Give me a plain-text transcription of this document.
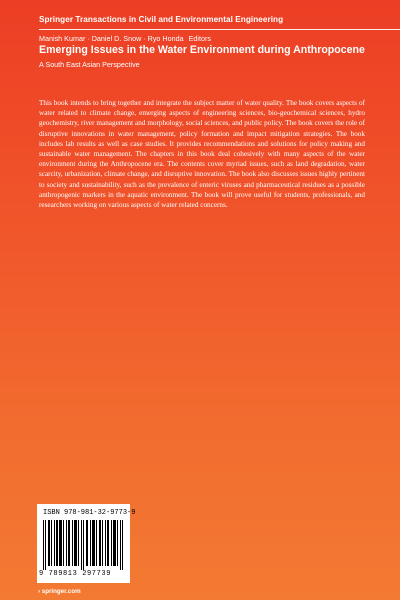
Springer Transactions in Civil and Environmental Engineering
Manish Kumar · Daniel D. Snow · Ryo Honda Editors
Emerging Issues in the Water Environment during Anthropocene
A South East Asian Perspective
This book intends to bring together and integrate the subject matter of water quality. The book covers aspects of water related to climate change, emerging aspects of engineering sciences, bio-geochemical sciences, hydro geochemistry, river management and morphology, social sciences, and public policy. The book covers the role of disruptive innovations in water management, policy formation and impact mitigation strategies. The book includes lab results as well as case studies. It provides recommendations and solutions for policy making and sustainable water management. The chapters in this book deal cohesively with many aspects of the water environment during the Anthropocene era. The contents cover myriad issues, such as land degradation, water scarcity, urbanization, climate change, and disruptive innovation. The book also discusses issues highly pertinent to society and sustainability, such as the prevalence of enteric viruses and pharmaceutical residues as a possible anthropogenic markers in the aquatic environment. The book will prove useful for students, professionals, and researchers working on various aspects of water related concerns.
ISBN 978-981-32-9773-9
9 789813 297739
› springer.com
